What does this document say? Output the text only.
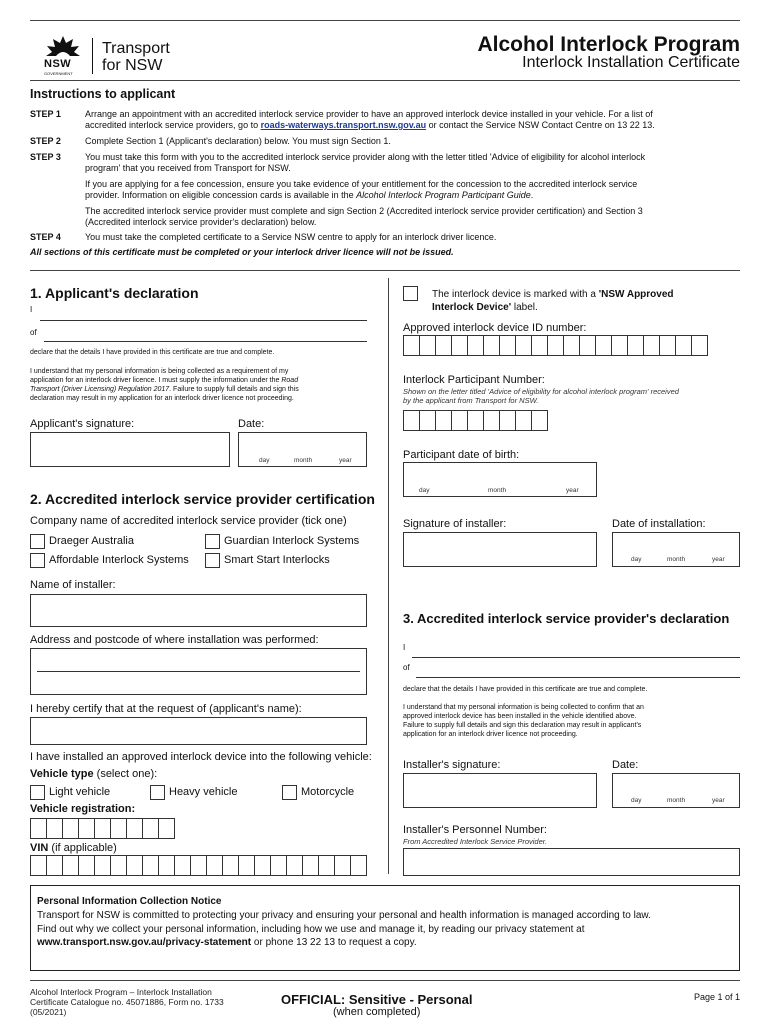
NSW
GOVERNMENT
Transport
for NSW
Alcohol Interlock Program
Interlock Installation Certificate
Instructions to applicant
STEP 1	Arrange an appointment with an accredited interlock service provider to have an approved interlock device installed in your vehicle. For a list of
accredited interlock service providers, go to roads-waterways.transport.nsw.gov.au or contact the Service NSW Contact Centre on 13 22 13.
STEP 2	Complete Section 1 (Applicant's declaration) below. You must sign Section 1.
STEP 3	You must take this form with you to the accredited interlock service provider along with the letter titled 'Advice of eligibility for alcohol interlock
program' that you received from Transport for NSW.
If you are applying for a fee concession, ensure you take evidence of your entitlement for the concession to the accredited interlock service
provider. Information on eligible concession cards is available in the Alcohol Interlock Program Participant Guide.
The accredited interlock service provider must complete and sign Section 2 (Accredited interlock service provider certification) and Section 3
(Accredited interlock service provider's declaration) below.
STEP 4	You must take the completed certificate to a Service NSW centre to apply for an interlock driver licence.
All sections of this certificate must be completed or your interlock driver licence will not be issued.
1. Applicant's declaration
I
of
declare that the details I have provided in this certificate are true and complete.
I understand that my personal information is being collected as a requirement of my
application for an interlock driver licence. I must supply the information under the Road
Transport (Driver Licensing) Regulation 2017. Failure to supply full details and sign this
declaration may result in my application for an interlock driver licence not proceeding.
Applicant's signature:	Date:
day	month	year
2. Accredited interlock service provider certification
Company name of accredited interlock service provider (tick one)
Draeger Australia	Guardian Interlock Systems
Affordable Interlock Systems	Smart Start Interlocks
Name of installer:
Address and postcode of where installation was performed:
I hereby certify that at the request of (applicant's name):
I have installed an approved interlock device into the following vehicle:
Vehicle type (select one):
Light vehicle	Heavy vehicle	Motorcycle
Vehicle registration:
VIN (if applicable)
The interlock device is marked with a 'NSW Approved
Interlock Device' label.
Approved interlock device ID number:
Interlock Participant Number:
Shown on the letter titled 'Advice of eligibility for alcohol interlock program' received
by the applicant from Transport for NSW.
Participant date of birth:
day	month	year
Signature of installer:	Date of installation:
day	month	year
3. Accredited interlock service provider's declaration
I
of
declare that the details I have provided in this certificate are true and complete.
I understand that my personal information is being collected to confirm that an
approved interlock device has been installed in the vehicle identified above.
Failure to supply full details and sign this declaration may result in applicant's
application for an interlock driver licence not proceeding.
Installer's signature:	Date:
day	month	year
Installer's Personnel Number:
From Accredited Interlock Service Provider.
Personal Information Collection Notice
Transport for NSW is committed to protecting your privacy and ensuring your personal and health information is managed according to law.
Find out why we collect your personal information, including how we use and manage it, by reading our privacy statement at
www.transport.nsw.gov.au/privacy-statement or phone 13 22 13 to request a copy.
Alcohol Interlock Program – Interlock Installation
Certificate Catalogue no. 45071886, Form no. 1733
(05/2021)
OFFICIAL: Sensitive - Personal
(when completed)
Page 1 of 1
